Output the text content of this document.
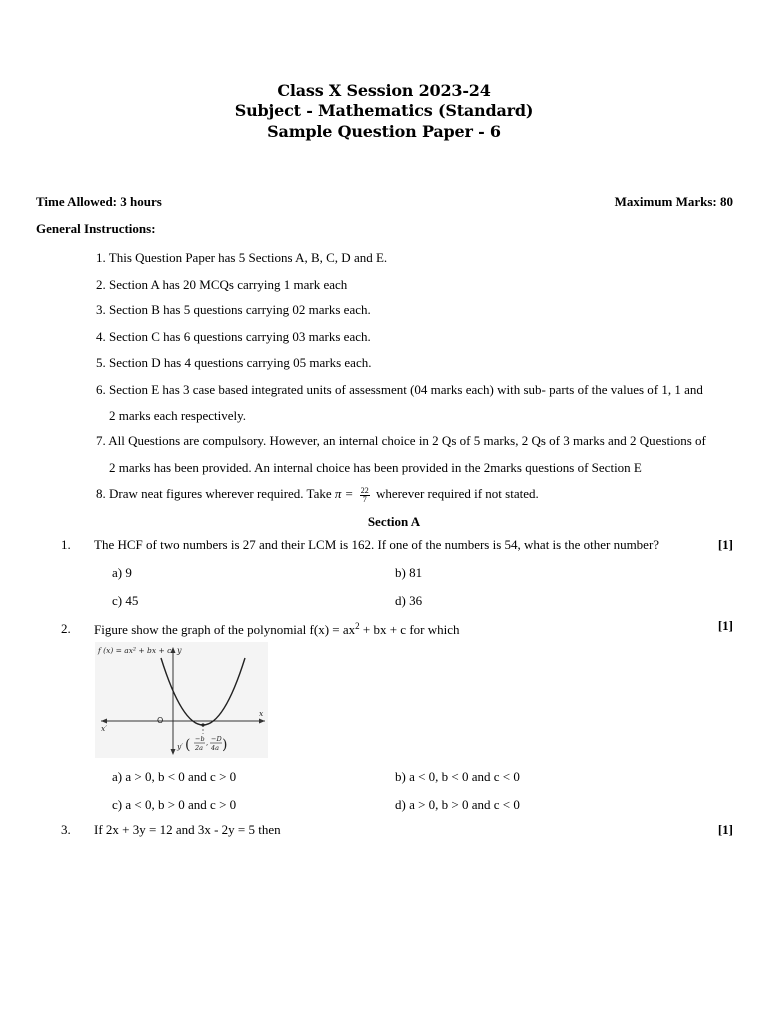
Class X Session 2023-24
Subject - Mathematics (Standard)
Sample Question Paper - 6
Time Allowed: 3 hours	Maximum Marks: 80
General Instructions:
1. This Question Paper has 5 Sections A, B, C, D and E.
2. Section A has 20 MCQs carrying 1 mark each
3. Section B has 5 questions carrying 02 marks each.
4. Section C has 6 questions carrying 03 marks each.
5. Section D has 4 questions carrying 05 marks each.
6. Section E has 3 case based integrated units of assessment (04 marks each) with sub- parts of the values of 1, 1 and
2 marks each respectively.
7. All Questions are compulsory. However, an internal choice in 2 Qs of 5 marks, 2 Qs of 3 marks and 2 Questions of
2 marks has been provided. An internal choice has been provided in the 2marks questions of Section E
8. Draw neat figures wherever required. Take $\pi = \frac{22}{7}$ wherever required if not stated.
Section A
1. The HCF of two numbers is 27 and their LCM is 162. If one of the numbers is 54, what is the other number?	[1]
a) 9	b) 81
c) 45	d) 36
2. Figure show the graph of the polynomial $f(x) = ax^2$ + bx + c for which	[1]
f (x) = ax² + bx + c y
y′
x
x′
O
( −b
2a
, −D
4a )
a) a > 0, b < 0 and c > 0	b) a < 0, b < 0 and c < 0
c) a < 0, b > 0 and c > 0	d) a > 0, b > 0 and c < 0
3. If 2x + 3y = 12 and 3x - 2y = 5 then	[1]
